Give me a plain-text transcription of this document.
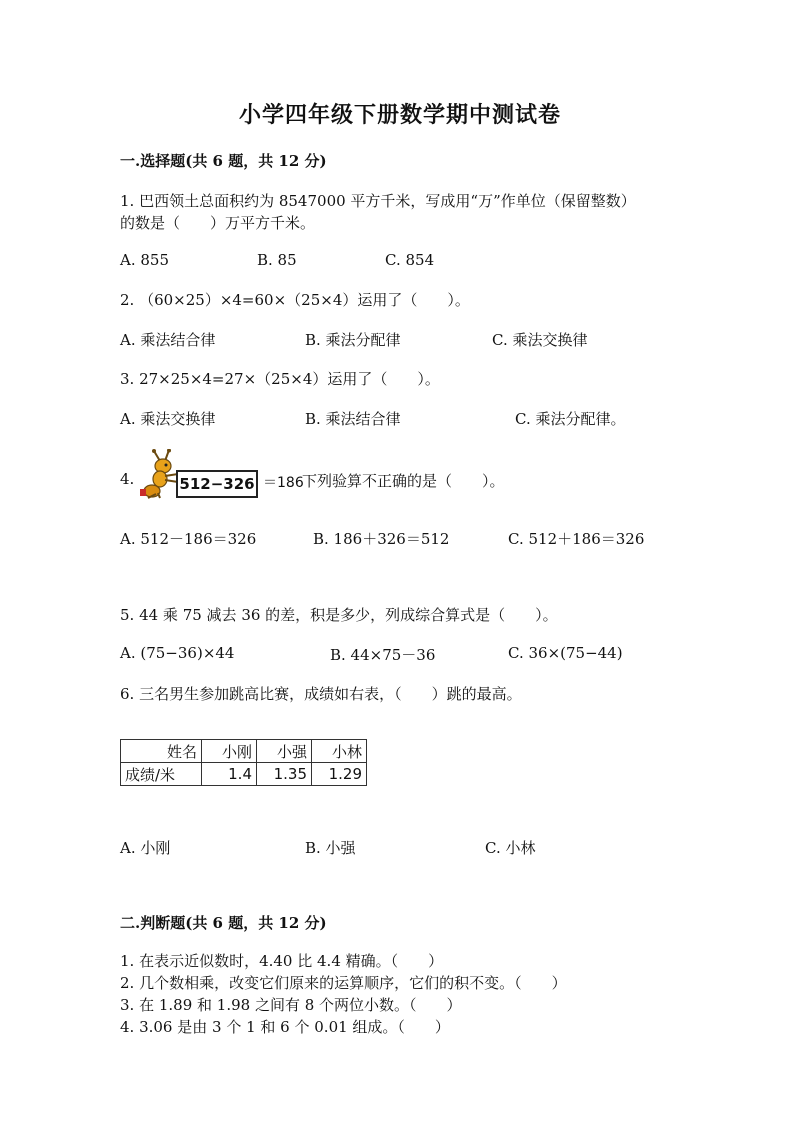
小学四年级下册数学期中测试卷
一.选择题(共 6 题，共 12 分)
1. 巴西领土总面积约为 8547000 平方千米，写成用“万”作单位（保留整数）
的数是（　　）万平方千米。
A. 855	B. 85	C. 854
2. （60×25）×4=60×（25×4）运用了（　　）。
A. 乘法结合律	B. 乘法分配律	C. 乘法交换律
3. 27×25×4=27×（25×4）运用了（　　）。
A. 乘法交换律	B. 乘法结合律	C. 乘法分配律。
4.	512−326 ＝186
下列验算不正确的是（　　）。
A. 512－186＝326	B. 186＋326＝512	C. 512＋186＝326
5. 44 乘 75 减去 36 的差，积是多少，列成综合算式是（　　）。
A. (75−36)×44	B. 44×75－36	C. 36×(75−44)
6. 三名男生参加跳高比赛，成绩如右表，（　　）跳的最高。
姓名	小刚	小强	小林
成绩/米	1.4	1.35	1.29
A. 小刚	B. 小强	C. 小林
二.判断题(共 6 题，共 12 分)
1. 在表示近似数时，4.40 比 4.4 精确。（　　）
2. 几个数相乘，改变它们原来的运算顺序，它们的积不变。（　　）
3. 在 1.89 和 1.98 之间有 8 个两位小数。（　　）
4. 3.06 是由 3 个 1 和 6 个 0.01 组成。（　　）
